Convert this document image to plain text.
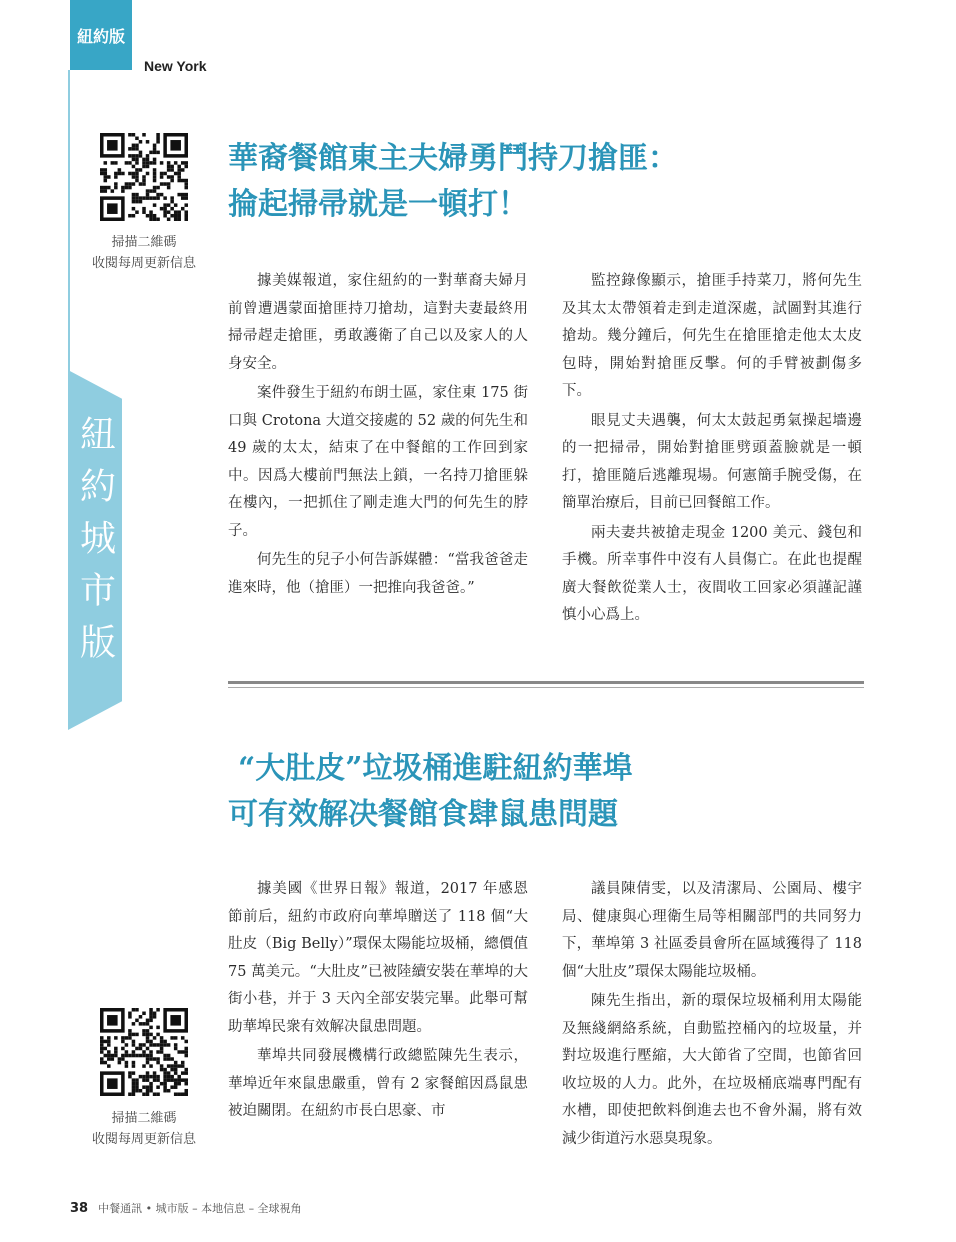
紐約版
New York
紐約城市版
掃描二維碼
收閱每周更新信息
掃描二維碼
收閱每周更新信息
華裔餐館東主夫婦勇鬥持刀搶匪：
掄起掃帚就是一頓打！

據美媒報道，家住紐約的一對華裔夫婦月前曾遭遇蒙面搶匪持刀搶劫，這對夫妻最終用掃帚趕走搶匪，勇敢護衛了自己以及家人的人身安全。

案件發生于紐約布朗士區，家住東 175 街口與 Crotona 大道交接處的 52 歲的何先生和 49 歲的太太，結束了在中餐館的工作回到家中。因爲大樓前門無法上鎖，一名持刀搶匪躲在樓內，一把抓住了剛走進大門的何先生的脖子。

何先生的兒子小何告訴媒體：“當我爸爸走進來時，他（搶匪）一把推向我爸爸。”

監控錄像顯示，搶匪手持菜刀，將何先生及其太太帶領着走到走道深處，試圖對其進行搶劫。幾分鐘后，何先生在搶匪搶走他太太皮包時，開始對搶匪反擊。何的手臂被劃傷多下。

眼見丈夫遇襲，何太太鼓起勇氣操起墻邊的一把掃帚，開始對搶匪劈頭蓋臉就是一頓打，搶匪隨后逃離現場。何憲簡手腕受傷，在簡單治療后，目前已回餐館工作。

兩夫妻共被搶走現金 1200 美元、錢包和手機。所幸事件中沒有人員傷亡。在此也提醒廣大餐飲從業人士，夜間收工回家必須謹記謹慎小心爲上。

“大肚皮”垃圾桶進駐紐約華埠
可有效解决餐館食肆鼠患問題

據美國《世界日報》報道，2017 年感恩節前后，紐約市政府向華埠贈送了 118 個“大肚皮（Big Belly）”環保太陽能垃圾桶，總價值 75 萬美元。“大肚皮”已被陸續安裝在華埠的大街小巷，并于 3 天內全部安裝完畢。此舉可幫助華埠民衆有效解决鼠患問題。

華埠共同發展機構行政總監陳先生表示，華埠近年來鼠患嚴重，曾有 2 家餐館因爲鼠患被迫關閉。在紐約市長白思豪、市

議員陳倩雯，以及清潔局、公園局、樓宇局、健康與心理衛生局等相關部門的共同努力下，華埠第 3 社區委員會所在區域獲得了 118 個“大肚皮”環保太陽能垃圾桶。

陳先生指出，新的環保垃圾桶利用太陽能及無綫網絡系統，自動監控桶內的垃圾量，并對垃圾進行壓縮，大大節省了空間，也節省回收垃圾的人力。此外，在垃圾桶底端專門配有水槽，即使把飲料倒進去也不會外漏，將有效減少街道污水惡臭現象。

38 中餐通訊 • 城市版 – 本地信息 – 全球視角
